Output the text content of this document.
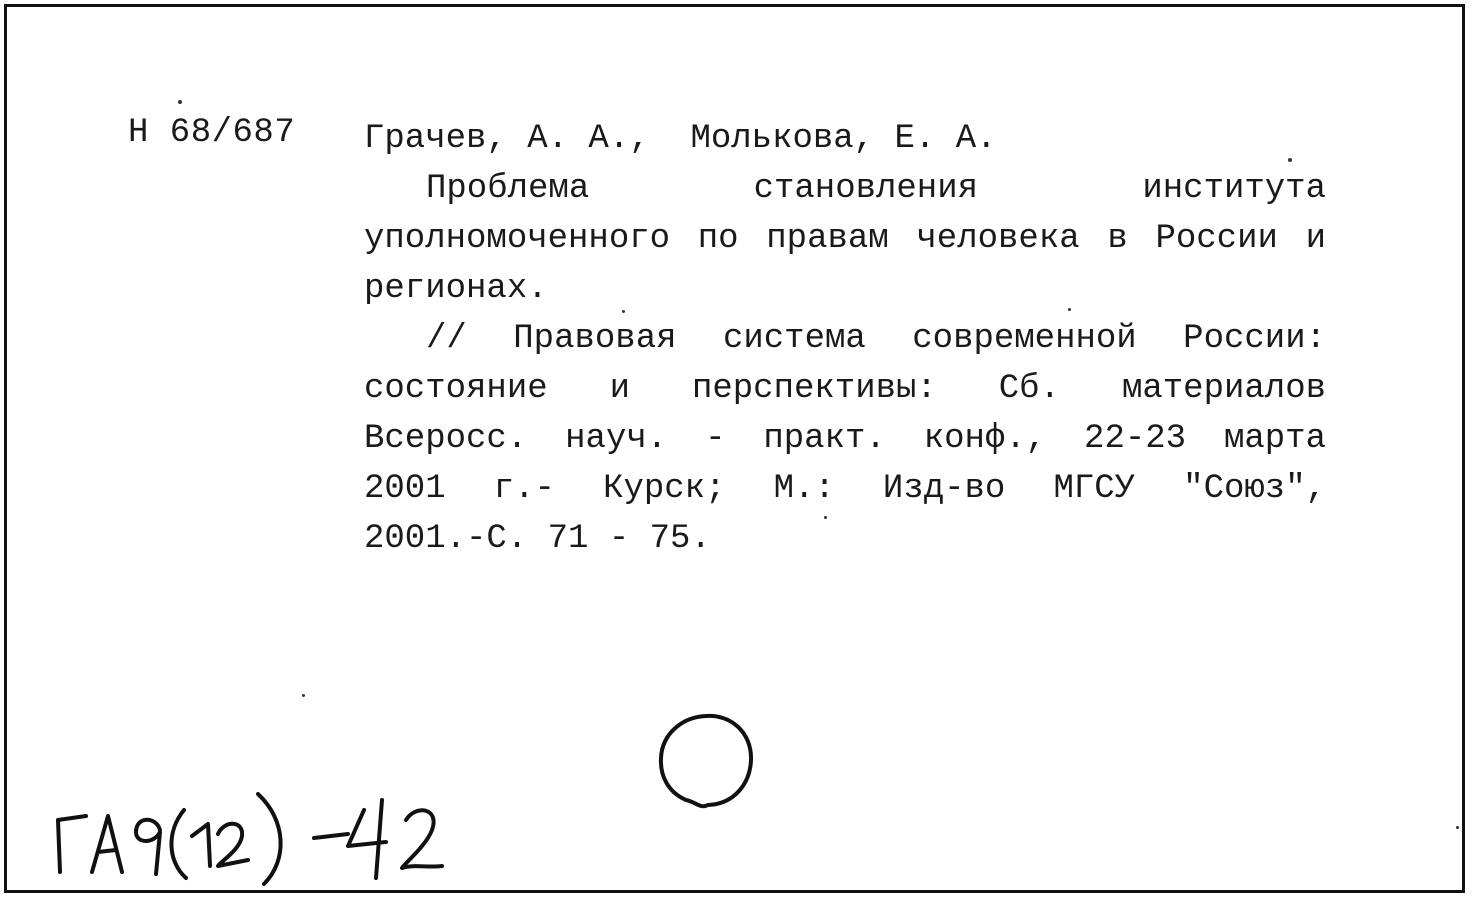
Н 68/687 Грачев, А. А.,  Молькова, Е. А.
Проблема становления института
уполномоченного по правам человека в России и
регионах.
// Правовая система современной России:
состояние и перспективы: Сб. материалов
Всеросс. науч. - практ. конф., 22-23 марта
2001 г.- Курск; М.: Изд-во МГСУ "Союз",
2001.-С. 71 - 75.
